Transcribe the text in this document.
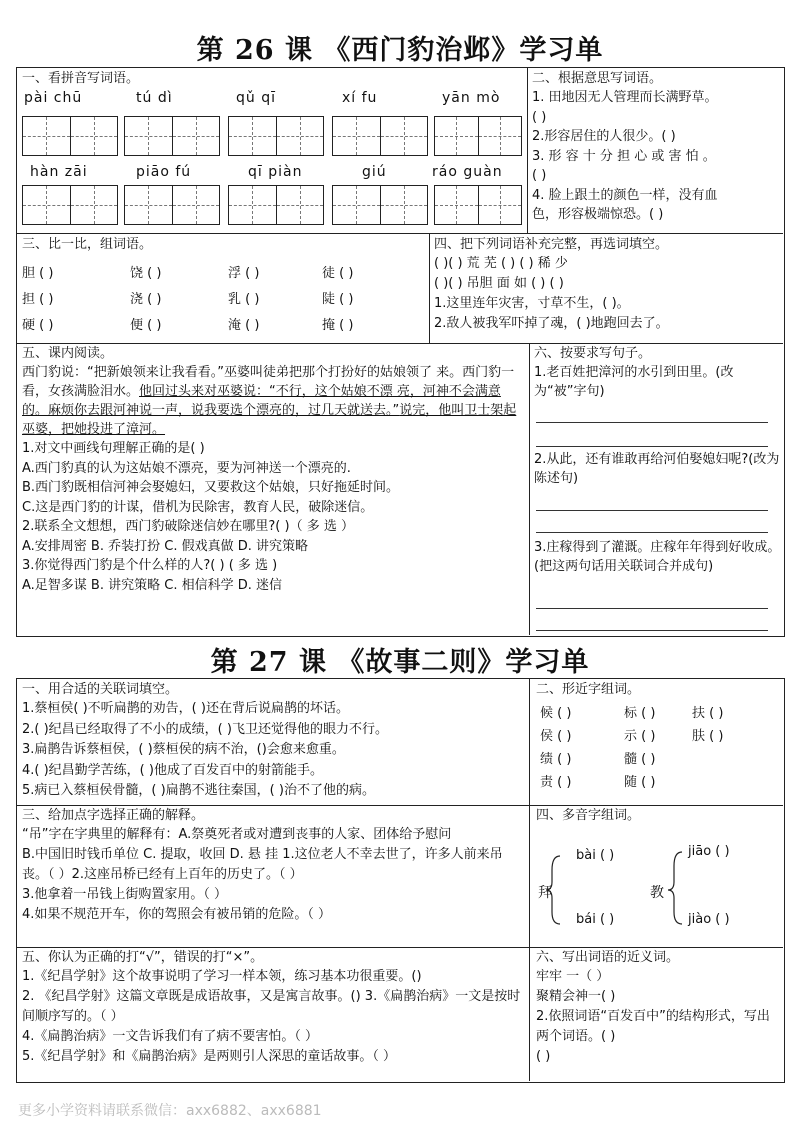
第 26 课 《西门豹治邺》学习单
一、看拼音写词语。
pài chū	tú dì	qǔ qī	xí fu	yān mò
hàn zāi	piāo fú	qī piàn	giú	ráo guàn
二、根据意思写词语。
1. 田地因无人管理而长满野草。
( )
2.形容居住的人很少。( )
3. 形 容 十 分 担 心 或 害 怕 。
( )
4. 脸上跟土的颜色一样，没有血
色，形容极端惊恐。( )
三、比一比，组词语。
胆 ( )	饶 ( )	浮 ( )	徒 ( )
担 ( )	浇 ( )	乳 ( )	陡 ( )
硬 ( )	便 ( )	淹 ( )	掩 ( )
四、把下列词语补充完整，再选词填空。
( )( ) 荒 芜 ( ) ( ) 稀 少
( )( ) 吊胆 面 如 ( ) ( )
1.这里连年灾害，寸草不生，( )。
2.敌人被我军吓掉了魂，( )地跑回去了。
五、课内阅读。
西门豹说：“把新娘领来让我看看。”巫婆叫徒弟把那个打扮好的姑娘领了 来。西门豹一看，女孩满脸泪水。他回过头来对巫婆说：“不行，这个姑娘不漂 亮，河神不会满意的。麻烦你去跟河神说一声，说我要选个漂亮的，过几天就送去。”说完，他叫卫士架起巫婆，把她投进了漳河。
1.对文中画线句理解正确的是( )
A.西门豹真的认为这姑娘不漂亮，要为河神送一个漂亮的.
B.西门豹既相信河神会娶媳妇，又要救这个姑娘，只好拖延时间。
C.这是西门豹的计谋，借机为民除害，教育人民，破除迷信。
2.联系全文想想，西门豹破除迷信妙在哪里?( )（ 多 选 ）
A.安排周密 B. 乔装打扮 C. 假戏真做 D. 讲究策略
3.你觉得西门豹是个什么样的人?( ) ( 多 选 )
A.足智多谋 B. 讲究策略 C. 相信科学 D. 迷信
六、按要求写句子。
1.老百姓把漳河的水引到田里。(改为“被”字句)
2.从此，还有谁敢再给河伯娶媳妇呢?(改为陈述句)
3.庄稼得到了灌溉。庄稼年年得到好收成。(把这两句话用关联词合并成句)
第 27 课 《故事二则》学习单
一、用合适的关联词填空。
1.蔡桓侯( )不听扁鹊的劝告，( )还在背后说扁鹊的坏话。
2.( )纪昌已经取得了不小的成绩，( )飞卫还觉得他的眼力不行。
3.扁鹊告诉蔡桓侯，( )蔡桓侯的病不治，()会愈来愈重。
4.( )纪昌勤学苦练，( )他成了百发百中的射箭能手。
5.病已入蔡桓侯骨髓，( )扁鹊不逃往秦国，( )治不了他的病。
二、形近字组词。
候 ( )	标 ( )	扶 ( )
侯 ( )	示 ( )	肤 ( )
绩 ( )	髓 ( )
责 ( )	随 ( )
三、给加点字选择正确的解释。
“吊”字在字典里的解释有：A.祭奠死者或对遭到丧事的人家、团体给予慰问
B.中国旧时钱币单位 C. 提取，收回 D. 悬 挂 1.这位老人不幸去世了，许多人前来吊丧。（ ）2.这座吊桥已经有上百年的历史了。（ ）
3.他拿着一吊钱上街购置家用。（ ）
4.如果不规范开车，你的驾照会有被吊销的危险。（ ）
四、多音字组词。
拜	教
bài ( )
bái ( )
jiāo ( )
jiào ( )
五、你认为正确的打“√”，错误的打“×”。
1.《纪昌学射》这个故事说明了学习一样本领，练习基本功很重要。()
2. 《纪昌学射》这篇文章既是成语故事，又是寓言故事。() 3.《扁鹊治病》一文是按时间顺序写的。（ ）
4.《扁鹊治病》一文告诉我们有了病不要害怕。（ ）
5.《纪昌学射》和《扁鹊治病》是两则引人深思的童话故事。（ ）
六、写出词语的近义词。
牢牢 一（ ）
聚精会神一( )
2.依照词语“百发百中”的结构形式，写出两个词语。( )
( )
更多小学资料请联系微信：axx6882、axx6881
